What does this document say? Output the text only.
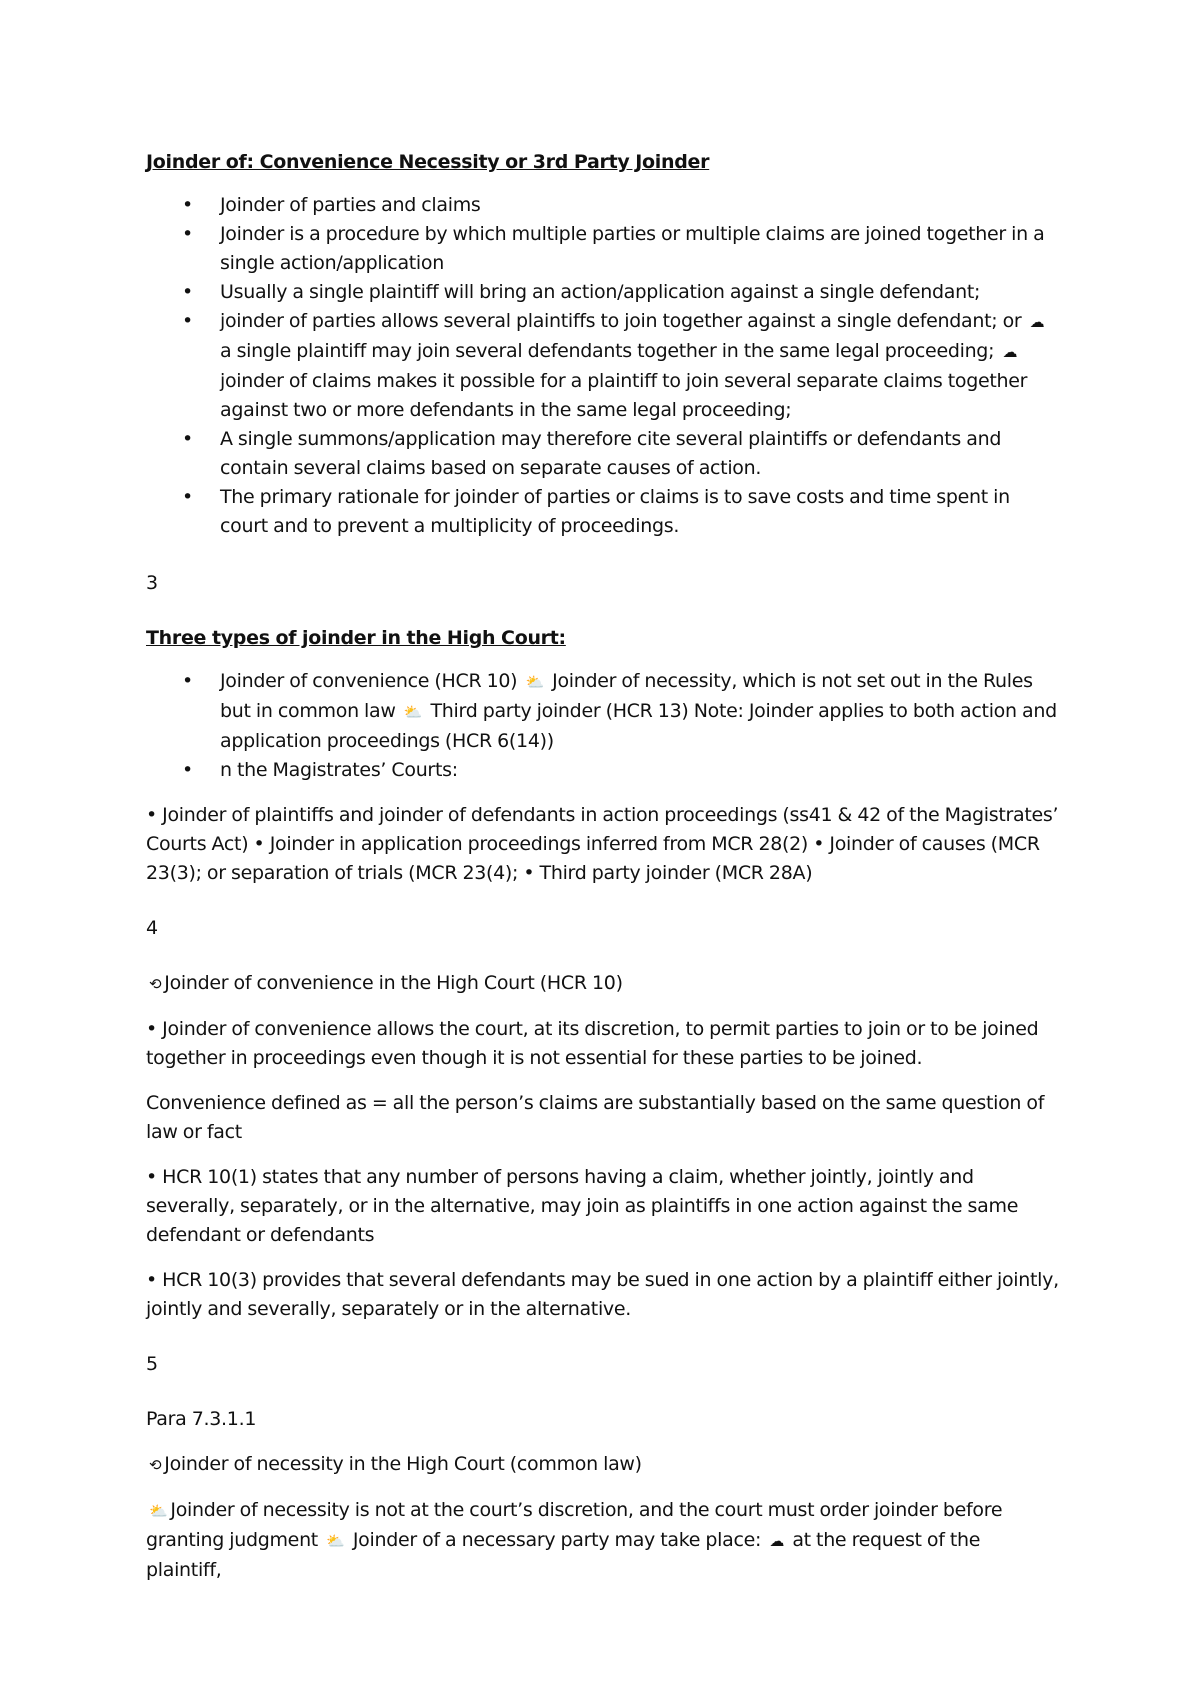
Joinder of: Convenience Necessity or 3rd Party Joinder
• Joinder of parties and claims
• Joinder is a procedure by which multiple parties or multiple claims are joined together in a single action/application
• Usually a single plaintiff will bring an action/application against a single defendant;
• joinder of parties allows several plaintiffs to join together against a single defendant; or ☁ a single plaintiff may join several defendants together in the same legal proceeding; ☁ joinder of claims makes it possible for a plaintiff to join several separate claims together against two or more defendants in the same legal proceeding;
• A single summons/application may therefore cite several plaintiffs or defendants and contain several claims based on separate causes of action.
• The primary rationale for joinder of parties or claims is to save costs and time spent in court and to prevent a multiplicity of proceedings.
3
Three types of joinder in the High Court:
• Joinder of convenience (HCR 10) ⛅ Joinder of necessity, which is not set out in the Rules but in common law ⛅ Third party joinder (HCR 13) Note: Joinder applies to both action and application proceedings (HCR 6(14))
• n the Magistrates’ Courts:

• Joinder of plaintiffs and joinder of defendants in action proceedings (ss41 & 42 of the Magistrates’ Courts Act) • Joinder in application proceedings inferred from MCR 28(2) • Joinder of causes (MCR 23(3); or separation of trials (MCR 23(4); • Third party joinder (MCR 28A)

4

⟲ Joinder of convenience in the High Court (HCR 10)

• Joinder of convenience allows the court, at its discretion, to permit parties to join or to be joined together in proceedings even though it is not essential for these parties to be joined.

Convenience defined as = all the person’s claims are substantially based on the same question of law or fact

• HCR 10(1) states that any number of persons having a claim, whether jointly, jointly and severally, separately, or in the alternative, may join as plaintiffs in one action against the same defendant or defendants

• HCR 10(3) provides that several defendants may be sued in one action by a plaintiff either jointly, jointly and severally, separately or in the alternative.

5

Para 7.3.1.1

⟲ Joinder of necessity in the High Court (common law)

⛅ Joinder of necessity is not at the court’s discretion, and the court must order joinder before granting judgment ⛅ Joinder of a necessary party may take place: ☁ at the request of the plaintiff,
